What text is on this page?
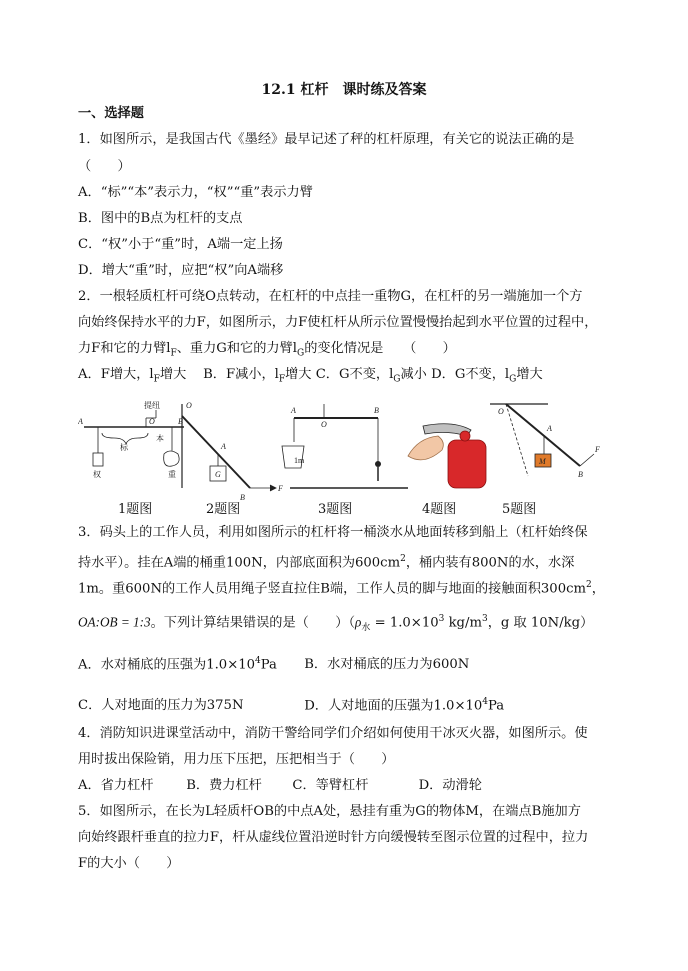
12.1 杠杆　课时练及答案
一、选择题
1．如图所示，是我国古代《墨经》最早记述了秤的杠杆原理，有关它的说法正确的是
（　　）
A．“标”“本”表示力，“权”“重”表示力臂
B．图中的B点为杠杆的支点
C．“权”小于“重”时，A端一定上扬
D．增大“重”时，应把“权”向A端移
2．一根轻质杠杆可绕O点转动，在杠杆的中点挂一重物G，在杠杆的另一端施加一个方
向始终保持水平的力F，如图所示，力F使杠杆从所示位置慢慢抬起到水平位置的过程中，
力F和它的力臂$l_F$、重力G和它的力臂$l_G$的变化情况是　　（　　）
A．F增大，$l_F$增大 B．F减小，$l_F$增大 C．G不变，$l_G$减小 D．G不变，$l_G$增大
A	O	B
提纽
标
本
权	重
O
A
B
G
F
A
O
B
1m
O
A
M
B
F
1题图	2题图	3题图	4题图	5题图
3．码头上的工作人员，利用如图所示的杠杆将一桶淡水从地面转移到船上（杠杆始终保
持水平）。挂在A端的桶重100N，内部底面积为$600cm^2$，桶内装有800N的水，水深
1m。重600N的工作人员用绳子竖直拉住B端，工作人员的脚与地面的接触面积$300cm^2$，
OA:OB = 1:3。下列计算结果错误的是（　　）（$\rho_水 = 1.0\times 10^3$ $kg/m^3$，g 取 10N/kg）
A．水对桶底的压强为$1.0\times 10^4Pa$ B．水对桶底的压力为600N
C．人对地面的压力为375N	D．人对地面的压强为$1.0\times 10^4Pa$
4．消防知识进课堂活动中，消防干警给同学们介绍如何使用干冰灭火器，如图所示。使
用时拔出保险销，用力压下压把，压把相当于（　　）
A．省力杠杆 B．费力杠杆 C．等臂杠杆	D．动滑轮
5．如图所示，在长为L轻质杆OB的中点A处，悬挂有重为G的物体M，在端点B施加方
向始终跟杆垂直的拉力F，杆从虚线位置沿逆时针方向缓慢转至图示位置的过程中，拉力
F的大小（　　）
